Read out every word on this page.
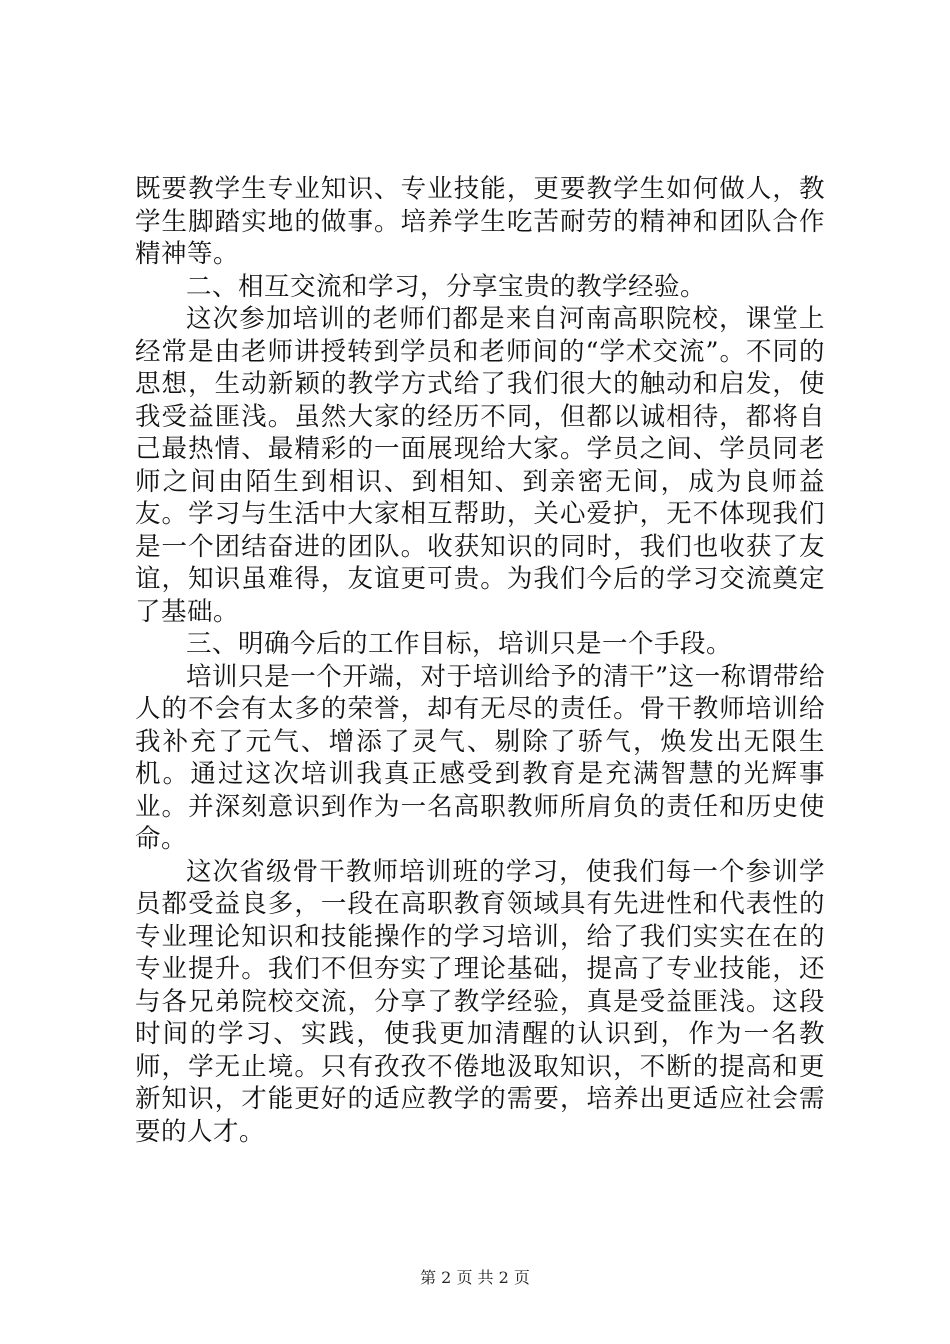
既要教学生专业知识、专业技能，更要教学生如何做人，教学生脚踏实地的做事。培养学生吃苦耐劳的精神和团队合作精神等。

二、相互交流和学习，分享宝贵的教学经验。

这次参加培训的老师们都是来自河南高职院校，课堂上经常是由老师讲授转到学员和老师间的“学术交流”。不同的思想，生动新颖的教学方式给了我们很大的触动和启发，使我受益匪浅。虽然大家的经历不同，但都以诚相待，都将自己最热情、最精彩的一面展现给大家。学员之间、学员同老师之间由陌生到相识、到相知、到亲密无间，成为良师益友。学习与生活中大家相互帮助，关心爱护，无不体现我们是一个团结奋进的团队。收获知识的同时，我们也收获了友谊，知识虽难得，友谊更可贵。为我们今后的学习交流奠定了基础。

三、明确今后的工作目标，培训只是一个手段。

培训只是一个开端，对于培训给予的清干”这一称谓带给人的不会有太多的荣誉，却有无尽的责任。骨干教师培训给我补充了元气、增添了灵气、剔除了骄气，焕发出无限生机。通过这次培训我真正感受到教育是充满智慧的光辉事业。并深刻意识到作为一名高职教师所肩负的责任和历史使命。

这次省级骨干教师培训班的学习，使我们每一个参训学员都受益良多，一段在高职教育领域具有先进性和代表性的专业理论知识和技能操作的学习培训，给了我们实实在在的专业提升。我们不但夯实了理论基础，提高了专业技能，还与各兄弟院校交流，分享了教学经验，真是受益匪浅。这段时间的学习、实践，使我更加清醒的认识到，作为一名教师，学无止境。只有孜孜不倦地汲取知识，不断的提高和更新知识，才能更好的适应教学的需要，培养出更适应社会需要的人才。

第 2 页 共 2 页
